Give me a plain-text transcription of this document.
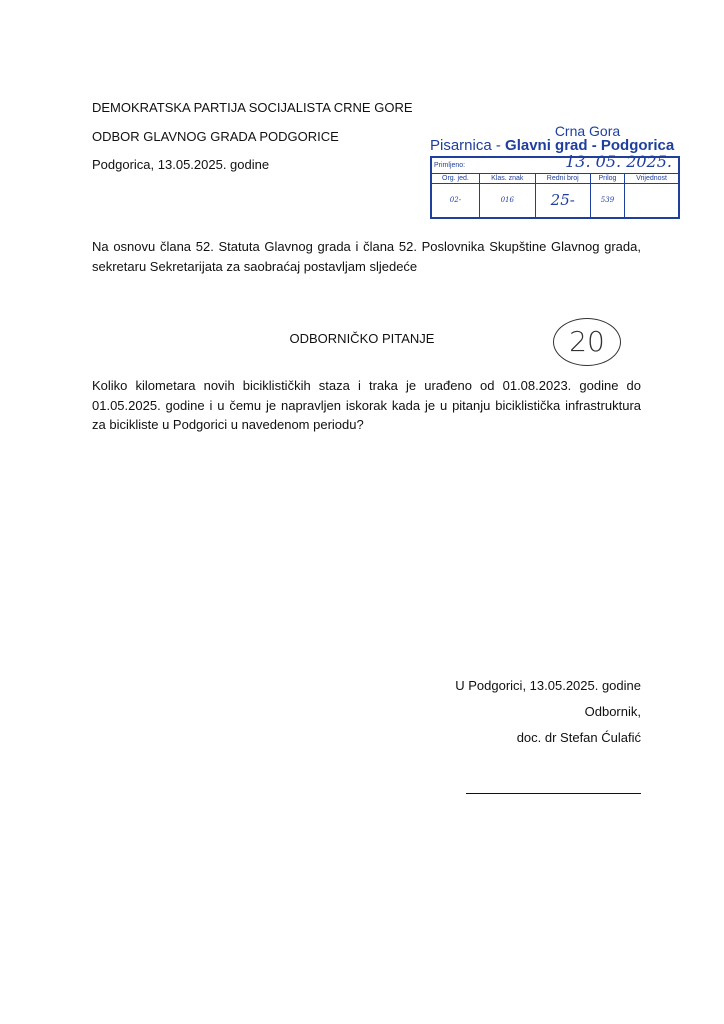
DEMOKRATSKA PARTIJA SOCIJALISTA CRNE GORE
ODBOR GLAVNOG GRADA PODGORICE
Podgorica, 13.05.2025. godine
Crna Gora
Pisarnica - Glavni grad - Podgorica
Primljeno: 13. 05. 2025.				

Org. jed.	Klas. znak	Redni broj	Prilog	Vrijednost
02-	016	25-	539	
Na osnovu člana 52. Statuta Glavnog grada i člana 52. Poslovnika Skupštine Glavnog grada, sekretaru Sekretarijata za saobraćaj postavljam sljedeće
ODBORNIČKO PITANJE	20
Koliko kilometara novih biciklističkih staza i traka je urađeno od 01.08.2023. godine do 01.05.2025. godine i u čemu je napravljen iskorak kada je u pitanju biciklistička infrastruktura za bicikliste u Podgorici u navedenom periodu?
U Podgorici, 13.05.2025. godine
Odbornik,
doc. dr Stefan Ćulafić
